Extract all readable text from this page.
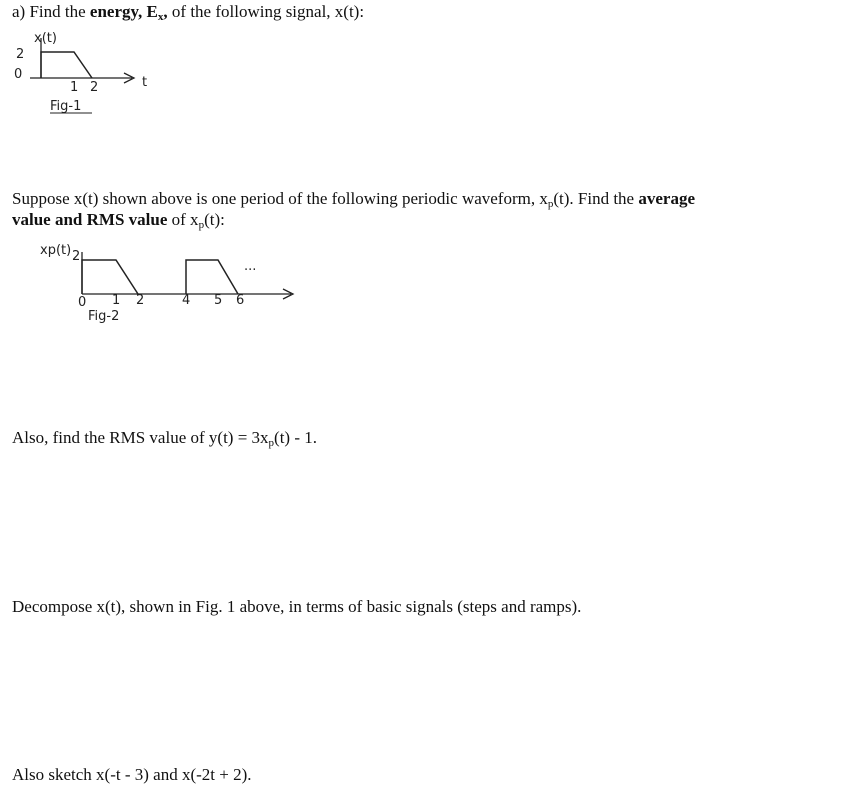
a) Find the energy, $E_x$, of the following signal, x(t):
x(t)
2
0
1 2	t
Fig-1
Suppose x(t) shown above is one period of the following periodic waveform, $x_p(t)$. Find the average
value and RMS value of $x_p(t)$:
xp(t) 2
...
0 1 2	4 5 6
Fig-2
Also, find the RMS value of $y(t) = 3x_p(t) - 1$.
Decompose x(t), shown in Fig. 1 above, in terms of basic signals (steps and ramps).
Also sketch x(-t - 3) and x(-2t + 2).
